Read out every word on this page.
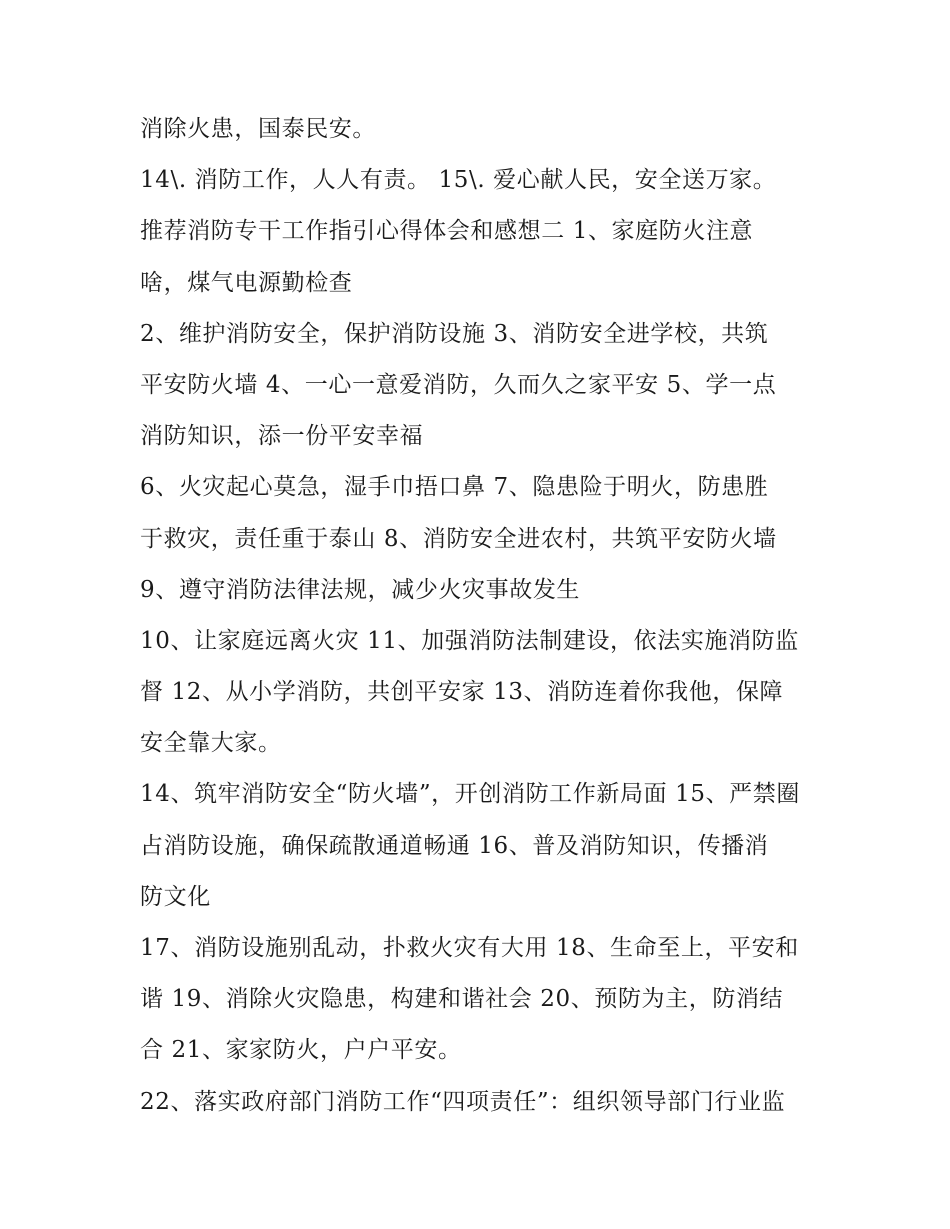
消除火患，国泰民安。
14\. 消防工作，人人有责。 15\. 爱心献人民，安全送万家。
推荐消防专干工作指引心得体会和感想二 1、家庭防火注意
啥，煤气电源勤检查
2、维护消防安全，保护消防设施 3、消防安全进学校，共筑
平安防火墙 4、一心一意爱消防，久而久之家平安 5、学一点
消防知识，添一份平安幸福
6、火灾起心莫急，湿手巾捂口鼻 7、隐患险于明火，防患胜
于救灾，责任重于泰山 8、消防安全进农村，共筑平安防火墙
9、遵守消防法律法规，减少火灾事故发生
10、让家庭远离火灾 11、加强消防法制建设，依法实施消防监
督 12、从小学消防，共创平安家 13、消防连着你我他，保障
安全靠大家。
14、筑牢消防安全“防火墙”，开创消防工作新局面 15、严禁圈
占消防设施，确保疏散通道畅通 16、普及消防知识，传播消
防文化
17、消防设施别乱动，扑救火灾有大用 18、生命至上，平安和
谐 19、消除火灾隐患，构建和谐社会 20、预防为主，防消结
合 21、家家防火，户户平安。
22、落实政府部门消防工作“四项责任”：组织领导部门行业监
